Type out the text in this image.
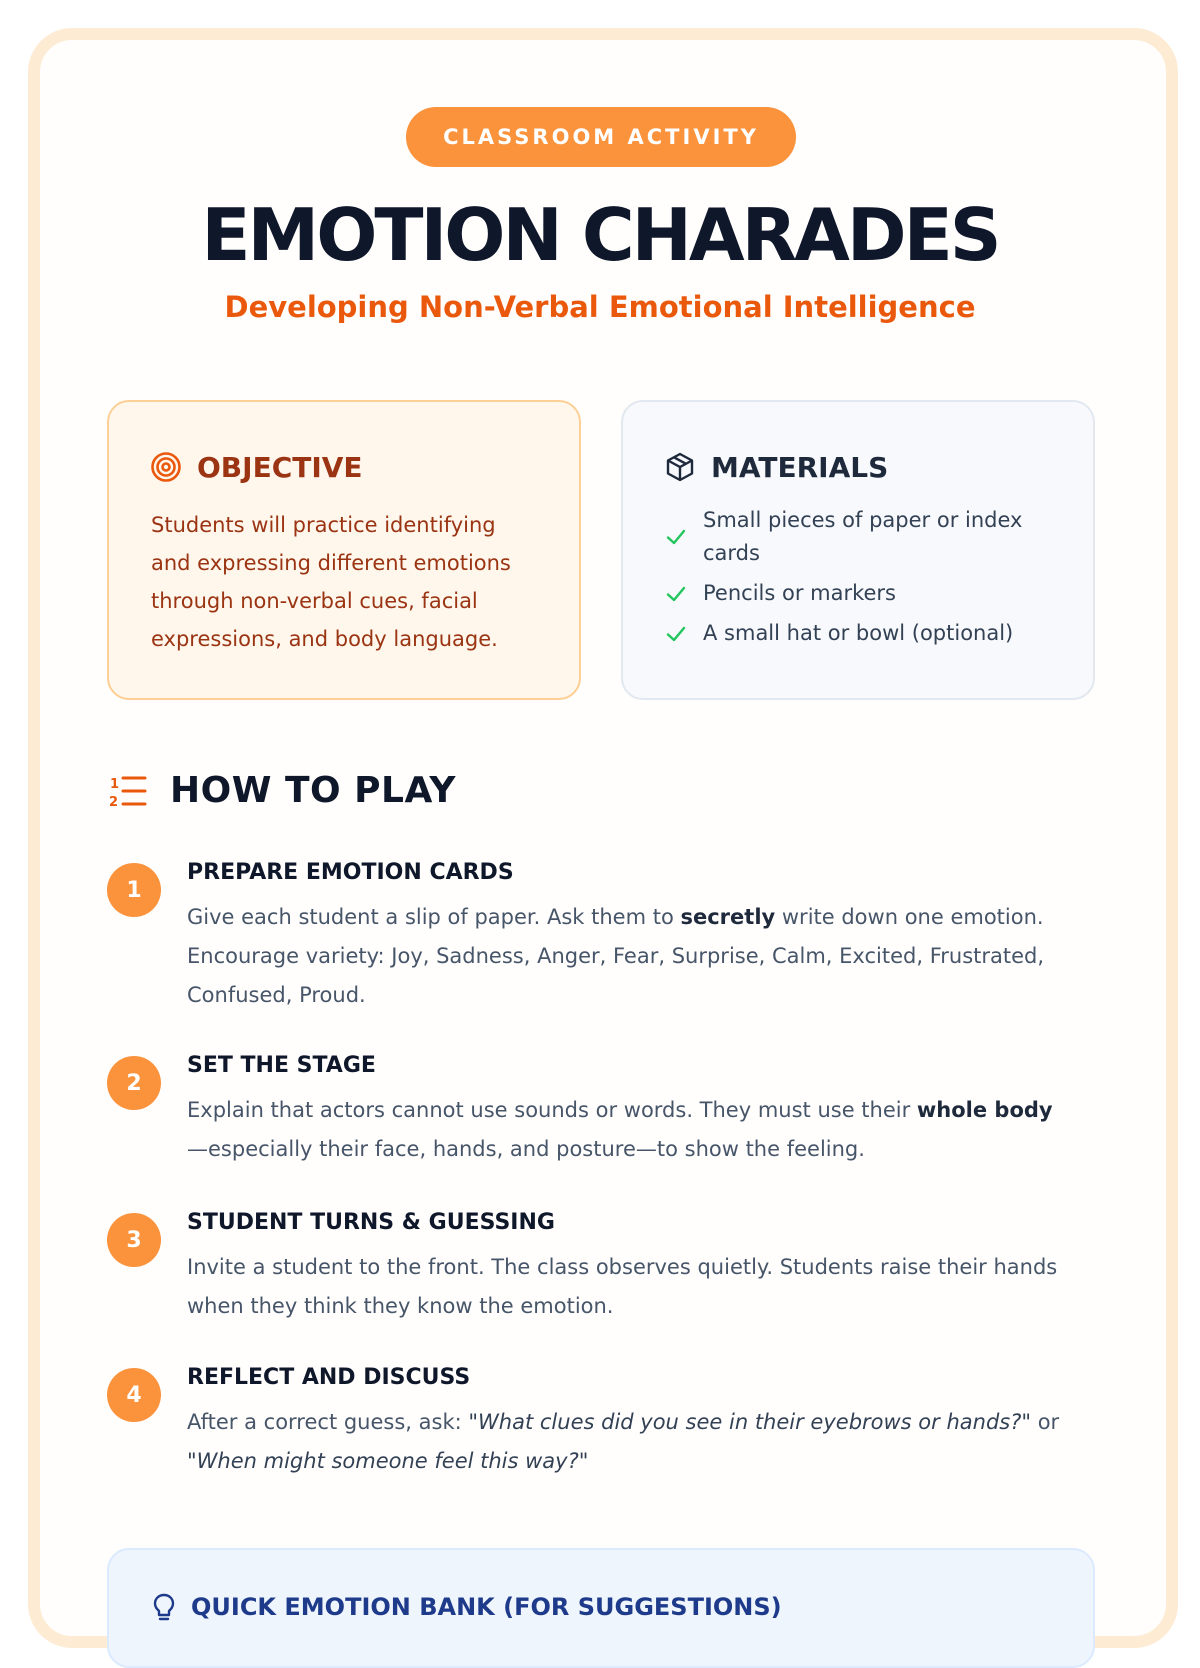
CLASSROOM ACTIVITY
EMOTION CHARADES
Developing Non-Verbal Emotional Intelligence
OBJECTIVE

Students will practice identifying and expressing different emotions through non-verbal cues, facial expressions, and body language.

MATERIALS
Small pieces of paper or index cards
Pencils or markers
A small hat or bowl (optional)
1
2 HOW TO PLAY
1
PREPARE EMOTION CARDS

Give each student a slip of paper. Ask them to secretly write down one emotion. Encourage variety: Joy, Sadness, Anger, Fear, Surprise, Calm, Excited, Frustrated, Confused, Proud.

2
SET THE STAGE

Explain that actors cannot use sounds or words. They must use their whole body—especially their face, hands, and posture—to show the feeling.

3
STUDENT TURNS & GUESSING

Invite a student to the front. The class observes quietly. Students raise their hands when they think they know the emotion.

4
REFLECT AND DISCUSS

After a correct guess, ask: "What clues did you see in their eyebrows or hands?" or "When might someone feel this way?"

QUICK EMOTION BANK (FOR SUGGESTIONS)
